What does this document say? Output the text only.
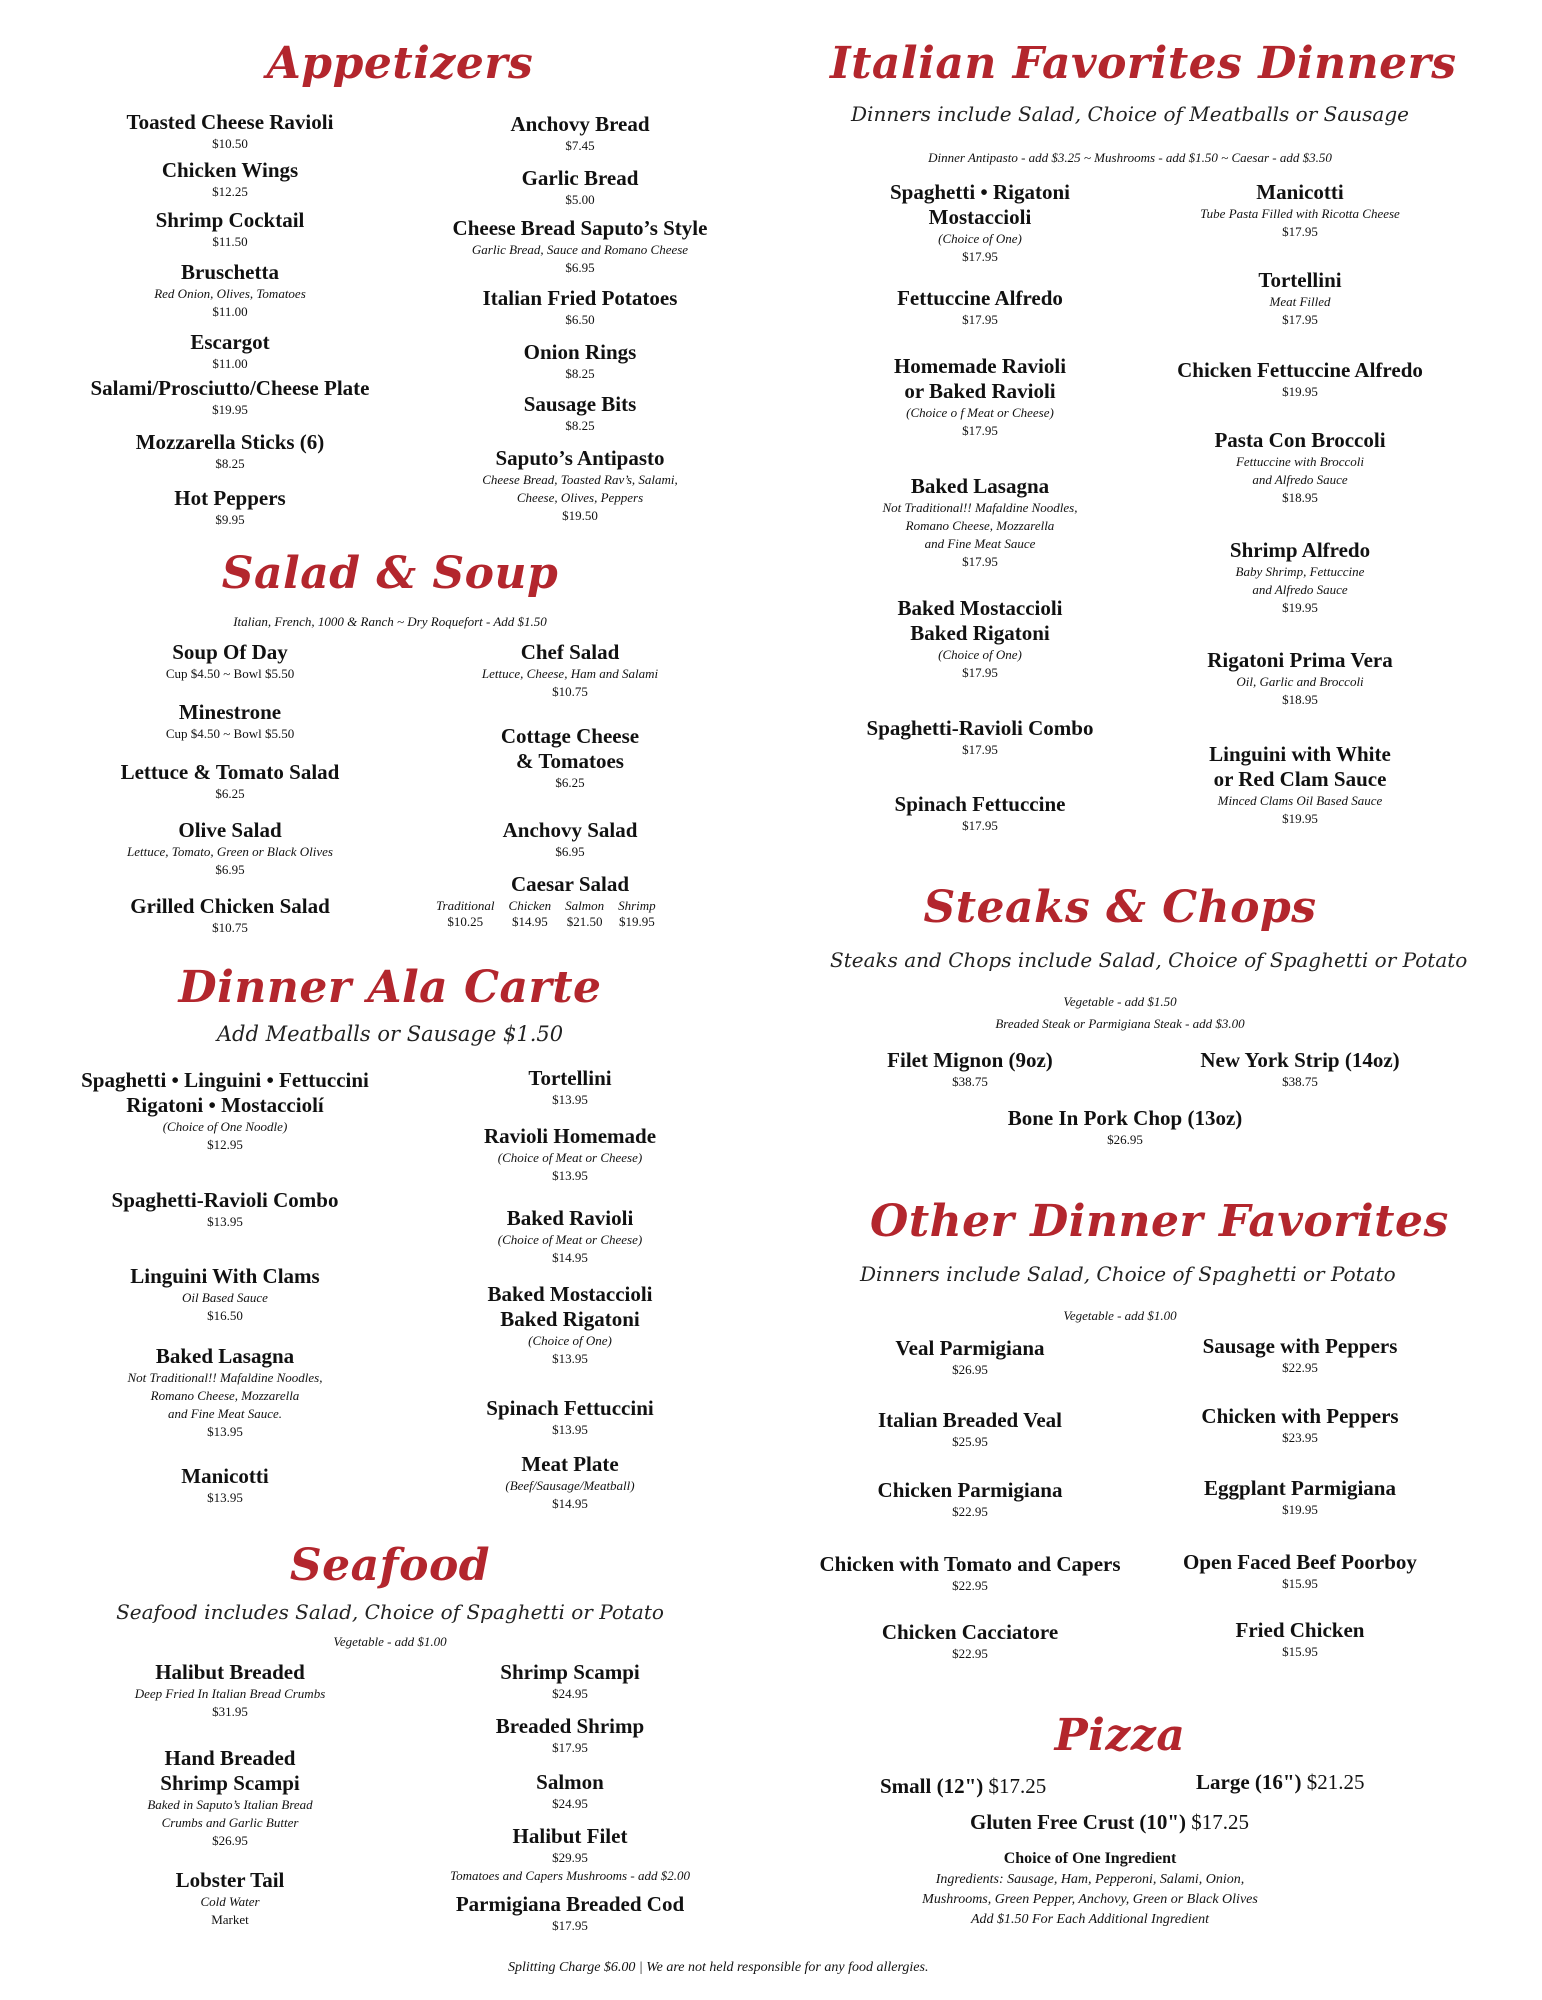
Appetizers
Toasted Cheese Ravioli
$10.50
Chicken Wings
$12.25
Shrimp Cocktail
$11.50
Bruschetta
Red Onion, Olives, Tomatoes
$11.00
Escargot
$11.00
Salami/Prosciutto/Cheese Plate
$19.95
Mozzarella Sticks (6)
$8.25
Hot Peppers
$9.95
Anchovy Bread
$7.45
Garlic Bread
$5.00
Cheese Bread Saputo’s Style
Garlic Bread, Sauce and Romano Cheese
$6.95
Italian Fried Potatoes
$6.50
Onion Rings
$8.25
Sausage Bits
$8.25
Saputo’s Antipasto
Cheese Bread, Toasted Rav’s, Salami,
Cheese, Olives, Peppers
$19.50
Salad & Soup
Italian, French, 1000 & Ranch ~ Dry Roquefort - Add $1.50
Soup Of Day
Cup $4.50 ~ Bowl $5.50
Minestrone
Cup $4.50 ~ Bowl $5.50
Lettuce & Tomato Salad
$6.25
Olive Salad
Lettuce, Tomato, Green or Black Olives
$6.95
Grilled Chicken Salad
$10.75
Chef Salad
Lettuce, Cheese, Ham and Salami
$10.75
Cottage Cheese
& Tomatoes
$6.25
Anchovy Salad
$6.95
Caesar Salad
Traditional
$10.25
Chicken
$14.95
Salmon
$21.50
Shrimp
$19.95
Dinner Ala Carte
Add Meatballs or Sausage $1.50
Spaghetti • Linguini • Fettuccini
Rigatoni • Mostacciolí
(Choice of One Noodle)
$12.95
Spaghetti-Ravioli Combo
$13.95
Linguini With Clams
Oil Based Sauce
$16.50
Baked Lasagna
Not Traditional!! Mafaldine Noodles,
Romano Cheese, Mozzarella
and Fine Meat Sauce.
$13.95
Manicotti
$13.95
Tortellini
$13.95
Ravioli Homemade
(Choice of Meat or Cheese)
$13.95
Baked Ravioli
(Choice of Meat or Cheese)
$14.95
Baked Mostaccioli
Baked Rigatoni
(Choice of One)
$13.95
Spinach Fettuccini
$13.95
Meat Plate
(Beef/Sausage/Meatball)
$14.95
Seafood
Seafood includes Salad, Choice of Spaghetti or Potato
Vegetable - add $1.00
Halibut Breaded
Deep Fried In Italian Bread Crumbs
$31.95
Hand Breaded
Shrimp Scampi
Baked in Saputo’s Italian Bread
Crumbs and Garlic Butter
$26.95
Lobster Tail
Cold Water
Market
Shrimp Scampi
$24.95
Breaded Shrimp
$17.95
Salmon
$24.95
Halibut Filet
$29.95
Tomatoes and Capers Mushrooms - add $2.00
Parmigiana Breaded Cod
$17.95
Italian Favorites Dinners
Dinners include Salad, Choice of Meatballs or Sausage
Dinner Antipasto - add $3.25 ~ Mushrooms - add $1.50 ~ Caesar - add $3.50
Spaghetti • Rigatoni
Mostaccioli
(Choice of One)
$17.95
Fettuccine Alfredo
$17.95
Homemade Ravioli
or Baked Ravioli
(Choice o f Meat or Cheese)
$17.95
Baked Lasagna
Not Traditional!! Mafaldine Noodles,
Romano Cheese, Mozzarella
and Fine Meat Sauce
$17.95
Baked Mostaccioli
Baked Rigatoni
(Choice of One)
$17.95
Spaghetti-Ravioli Combo
$17.95
Spinach Fettuccine
$17.95
Manicotti
Tube Pasta Filled with Ricotta Cheese
$17.95
Tortellini
Meat Filled
$17.95
Chicken Fettuccine Alfredo
$19.95
Pasta Con Broccoli
Fettuccine with Broccoli
and Alfredo Sauce
$18.95
Shrimp Alfredo
Baby Shrimp, Fettuccine
and Alfredo Sauce
$19.95
Rigatoni Prima Vera
Oil, Garlic and Broccoli
$18.95
Linguini with White
or Red Clam Sauce
Minced Clams Oil Based Sauce
$19.95
Steaks & Chops
Steaks and Chops include Salad, Choice of Spaghetti or Potato
Vegetable - add $1.50
Breaded Steak or Parmigiana Steak - add $3.00
Filet Mignon (9oz)
$38.75
New York Strip (14oz)
$38.75
Bone In Pork Chop (13oz)
$26.95
Other Dinner Favorites
Dinners include Salad, Choice of Spaghetti or Potato
Vegetable - add $1.00
Veal Parmigiana
$26.95
Italian Breaded Veal
$25.95
Chicken Parmigiana
$22.95
Chicken with Tomato and Capers
$22.95
Chicken Cacciatore
$22.95
Sausage with Peppers
$22.95
Chicken with Peppers
$23.95
Eggplant Parmigiana
$19.95
Open Faced Beef Poorboy
$15.95
Fried Chicken
$15.95
Pizza
Small (12") $17.25	Large (16") $21.25
Gluten Free Crust (10") $17.25
Choice of One Ingredient
Ingredients: Sausage, Ham, Pepperoni, Salami, Onion,
Mushrooms, Green Pepper, Anchovy, Green or Black Olives
Add $1.50 For Each Additional Ingredient
Splitting Charge $6.00 | We are not held responsible for any food allergies.
